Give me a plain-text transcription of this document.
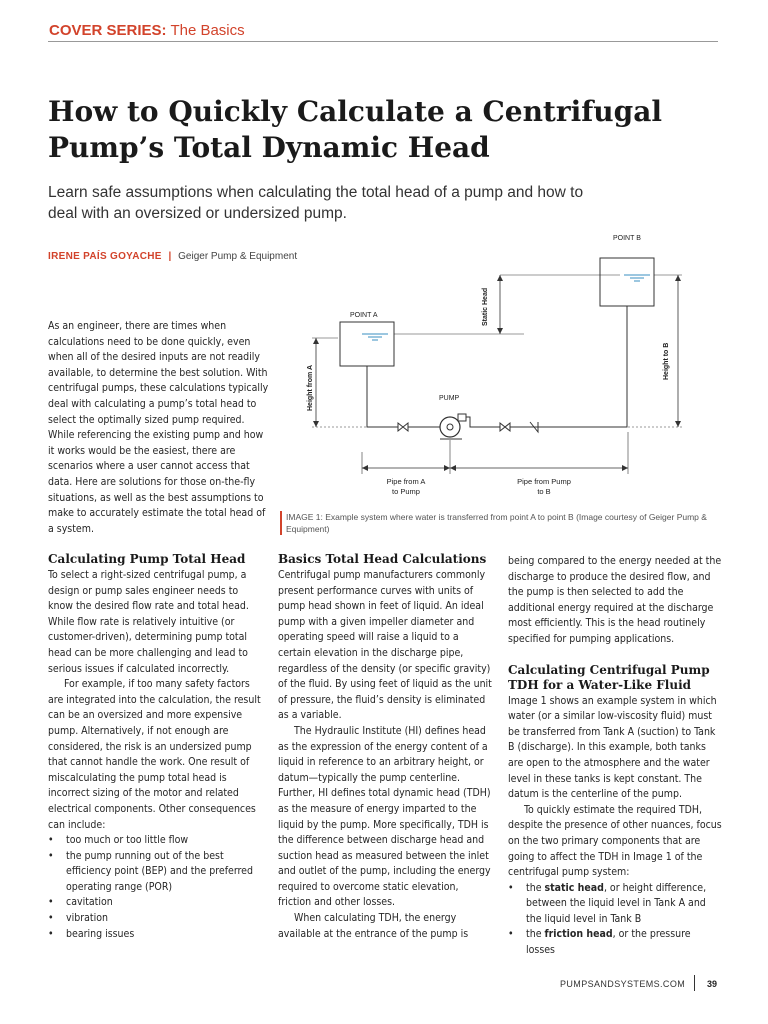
COVER SERIES: The Basics
How to Quickly Calculate a Centrifugal Pump’s Total Dynamic Head
Learn safe assumptions when calculating the total head of a pump and how to deal with an oversized or undersized pump.
IRENE PAÍS GOYACHE | Geiger Pump & Equipment

As an engineer, there are times when calculations need to be done quickly, even when all of the desired inputs are not readily available, to determine the best solution. With centrifugal pumps, these calculations typically deal with calculating a pump’s total head to select the optimally sized pump required. While referencing the existing pump and how it works would be the easiest, there are scenarios where a user cannot access that data. Here are solutions for those on-the-fly situations, as well as the best assumptions to make to accurately estimate the total head of a system.

POINT A
POINT B
PUMP
Height from A
Static Head
Height to B
Pipe from A
to Pump
Pipe from Pump
to B
IMAGE 1: Example system where water is transferred from point A to point B (Image courtesy of Geiger Pump & Equipment)
Calculating Pump Total Head

To select a right-sized centrifugal pump, a design or pump sales engineer needs to know the desired flow rate and total head. While flow rate is relatively intuitive (or customer-driven), determining pump total head can be more challenging and lead to serious issues if calculated incorrectly.

For example, if too many safety factors are integrated into the calculation, the result can be an oversized and more expensive pump. Alternatively, if not enough are considered, the risk is an undersized pump that cannot handle the work. One result of miscalculating the pump total head is incorrect sizing of the motor and related electrical components. Other consequences can include:

• too much or too little flow
• the pump running out of the best efficiency point (BEP) and the preferred operating range (POR)
• cavitation
• vibration
• bearing issues
Basics Total Head Calculations

Centrifugal pump manufacturers commonly present performance curves with units of pump head shown in feet of liquid. An ideal pump with a given impeller diameter and operating speed will raise a liquid to a certain elevation in the discharge pipe, regardless of the density (or specific gravity) of the fluid. By using feet of liquid as the unit of pressure, the fluid’s density is eliminated as a variable.

The Hydraulic Institute (HI) defines head as the expression of the energy content of a liquid in reference to an arbitrary height, or datum—typically the pump centerline. Further, HI defines total dynamic head (TDH) as the measure of energy imparted to the liquid by the pump. More specifically, TDH is the difference between discharge head and suction head as measured between the inlet and outlet of the pump, including the energy required to overcome static elevation, friction and other losses.

When calculating TDH, the energy available at the entrance of the pump is

being compared to the energy needed at the discharge to produce the desired flow, and the pump is then selected to add the additional energy required at the discharge most efficiently. This is the head routinely specified for pumping applications.

Calculating Centrifugal Pump TDH for a Water-Like Fluid

Image 1 shows an example system in which water (or a similar low-viscosity fluid) must be transferred from Tank A (suction) to Tank B (discharge). In this example, both tanks are open to the atmosphere and the water level in these tanks is kept constant. The datum is the centerline of the pump.

To quickly estimate the required TDH, despite the presence of other nuances, focus on the two primary components that are going to affect the TDH in Image 1 of the centrifugal pump system:

• the static head, or height difference, between the liquid level in Tank A and the liquid level in Tank B
• the friction head, or the pressure losses
PUMPSANDSYSTEMS.COM 39
